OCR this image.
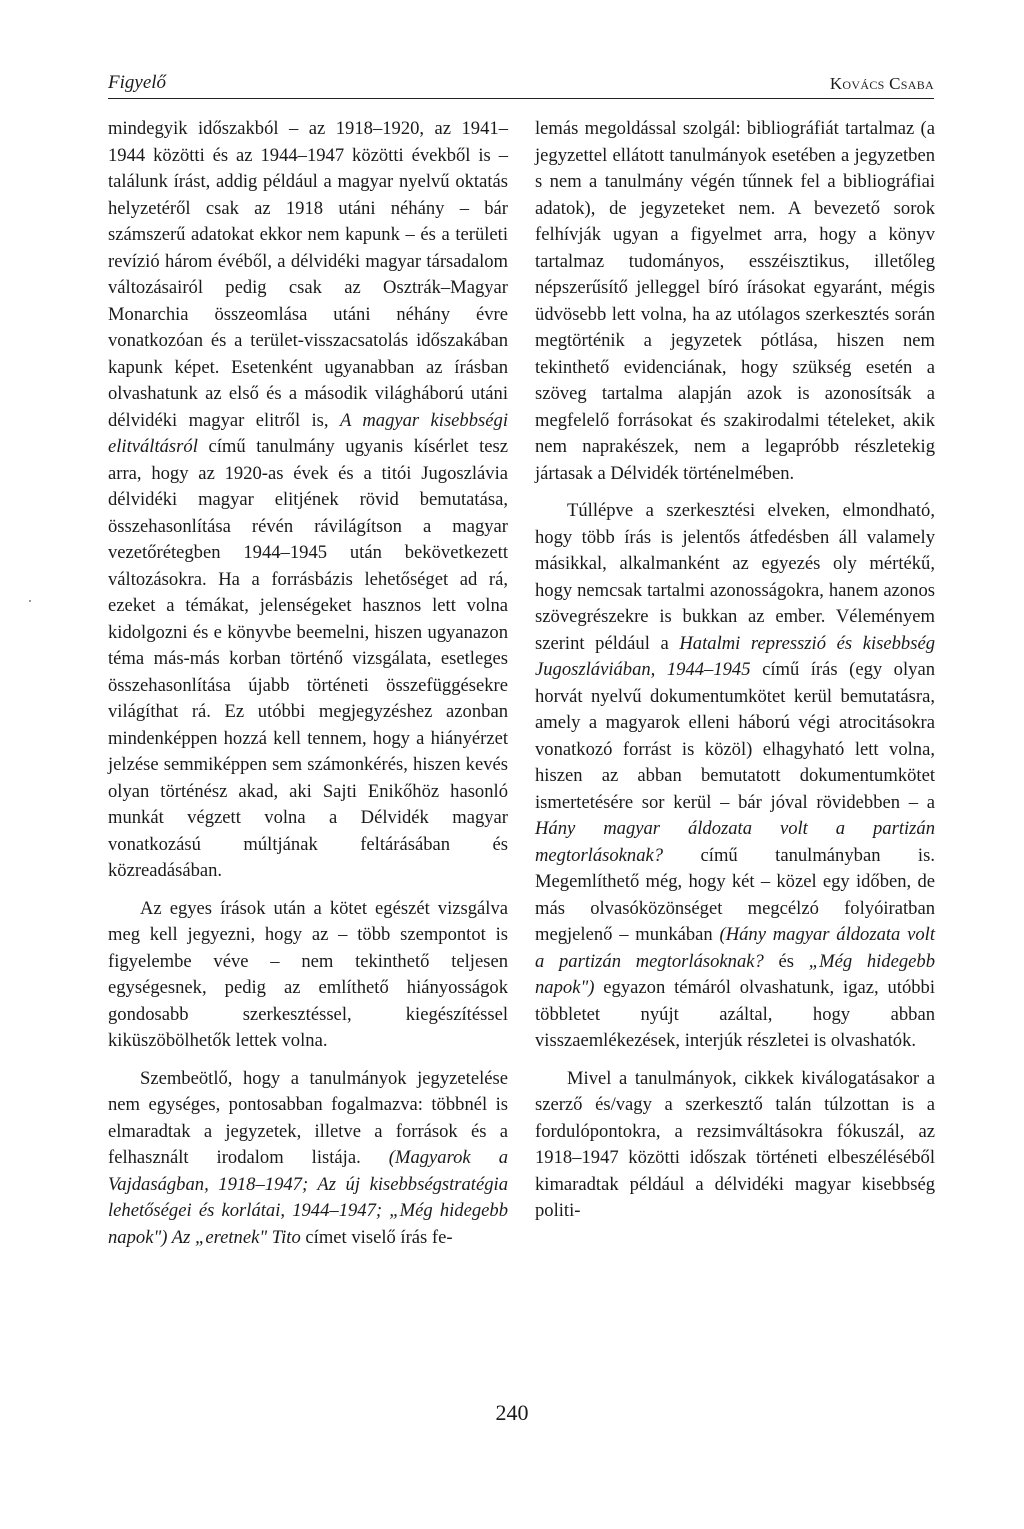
Figyelő	Kovács Csaba

mindegyik időszakból – az 1918–1920, az 1941–1944 közötti és az 1944–1947 közötti évekből is – találunk írást, addig például a magyar nyelvű oktatás helyzetéről csak az 1918 utáni néhány – bár számszerű adatokat ekkor nem kapunk – és a területi revízió három évéből, a délvidéki magyar társadalom változásairól pedig csak az Osztrák–Magyar Monarchia összeomlása utáni néhány évre vonatkozóan és a terület-visszacsatolás időszakában kapunk képet. Esetenként ugyanabban az írásban olvashatunk az első és a második világháború utáni délvidéki magyar elitről is, A magyar kisebbségi elitváltásról című tanulmány ugyanis kísérlet tesz arra, hogy az 1920-as évek és a titói Jugoszlávia délvidéki magyar elitjének rövid bemutatása, összehasonlítása révén rávilágítson a magyar vezetőrétegben 1944–1945 után bekövetkezett változásokra. Ha a forrásbázis lehetőséget ad rá, ezeket a témákat, jelenségeket hasznos lett volna kidolgozni és e könyvbe beemelni, hiszen ugyanazon téma más-más korban történő vizsgálata, esetleges összehasonlítása újabb történeti összefüggésekre világíthat rá. Ez utóbbi megjegyzéshez azonban mindenképpen hozzá kell tennem, hogy a hiányérzet jelzése semmiképpen sem számonkérés, hiszen kevés olyan történész akad, aki Sajti Enikőhöz hasonló munkát végzett volna a Délvidék magyar vonatkozású múltjának feltárásában és közreadásában.

Az egyes írások után a kötet egészét vizsgálva meg kell jegyezni, hogy az – több szempontot is figyelembe véve – nem tekinthető teljesen egységesnek, pedig az említhető hiányosságok gondosabb szerkesztéssel, kiegészítéssel kiküszöbölhetők lettek volna.

Szembeötlő, hogy a tanulmányok jegyzetelése nem egységes, pontosabban fogalmazva: többnél is elmaradtak a jegyzetek, illetve a források és a felhasznált irodalom listája. (Magyarok a Vajdaságban, 1918–1947; Az új kisebbségstratégia lehetőségei és korlátai, 1944–1947; „Még hidegebb napok") Az „eretnek" Tito címet viselő írás fe-

lemás megoldással szolgál: bibliográfiát tartalmaz (a jegyzettel ellátott tanulmányok esetében a jegyzetben s nem a tanulmány végén tűnnek fel a bibliográfiai adatok), de jegyzeteket nem. A bevezető sorok felhívják ugyan a figyelmet arra, hogy a könyv tartalmaz tudományos, esszéisztikus, illetőleg népszerűsítő jelleggel bíró írásokat egyaránt, mégis üdvösebb lett volna, ha az utólagos szerkesztés során megtörténik a jegyzetek pótlása, hiszen nem tekinthető evidenciának, hogy szükség esetén a szöveg tartalma alapján azok is azonosítsák a megfelelő forrásokat és szakirodalmi tételeket, akik nem naprakészek, nem a legapróbb részletekig jártasak a Délvidék történelmében.

Túllépve a szerkesztési elveken, elmondható, hogy több írás is jelentős átfedésben áll valamely másikkal, alkalmanként az egyezés oly mértékű, hogy nemcsak tartalmi azonosságokra, hanem azonos szövegrészekre is bukkan az ember. Véleményem szerint például a Hatalmi represszió és kisebbség Jugoszláviában, 1944–1945 című írás (egy olyan horvát nyelvű dokumentumkötet kerül bemutatásra, amely a magyarok elleni háború végi atrocitásokra vonatkozó forrást is közöl) elhagyható lett volna, hiszen az abban bemutatott dokumentumkötet ismertetésére sor kerül – bár jóval rövidebben – a Hány magyar áldozata volt a partizán megtorlásoknak? című tanulmányban is. Megemlíthető még, hogy két – közel egy időben, de más olvasóközönséget megcélzó folyóiratban megjelenő – munkában (Hány magyar áldozata volt a partizán megtorlásoknak? és „Még hidegebb napok") egyazon témáról olvashatunk, igaz, utóbbi többletet nyújt azáltal, hogy abban visszaemlékezések, interjúk részletei is olvashatók.

Mivel a tanulmányok, cikkek kiválogatásakor a szerző és/vagy a szerkesztő talán túlzottan is a fordulópontokra, a rezsimváltásokra fókuszál, az 1918–1947 közötti időszak történeti elbeszéléséből kimaradtak például a délvidéki magyar kisebbség politi-

240
